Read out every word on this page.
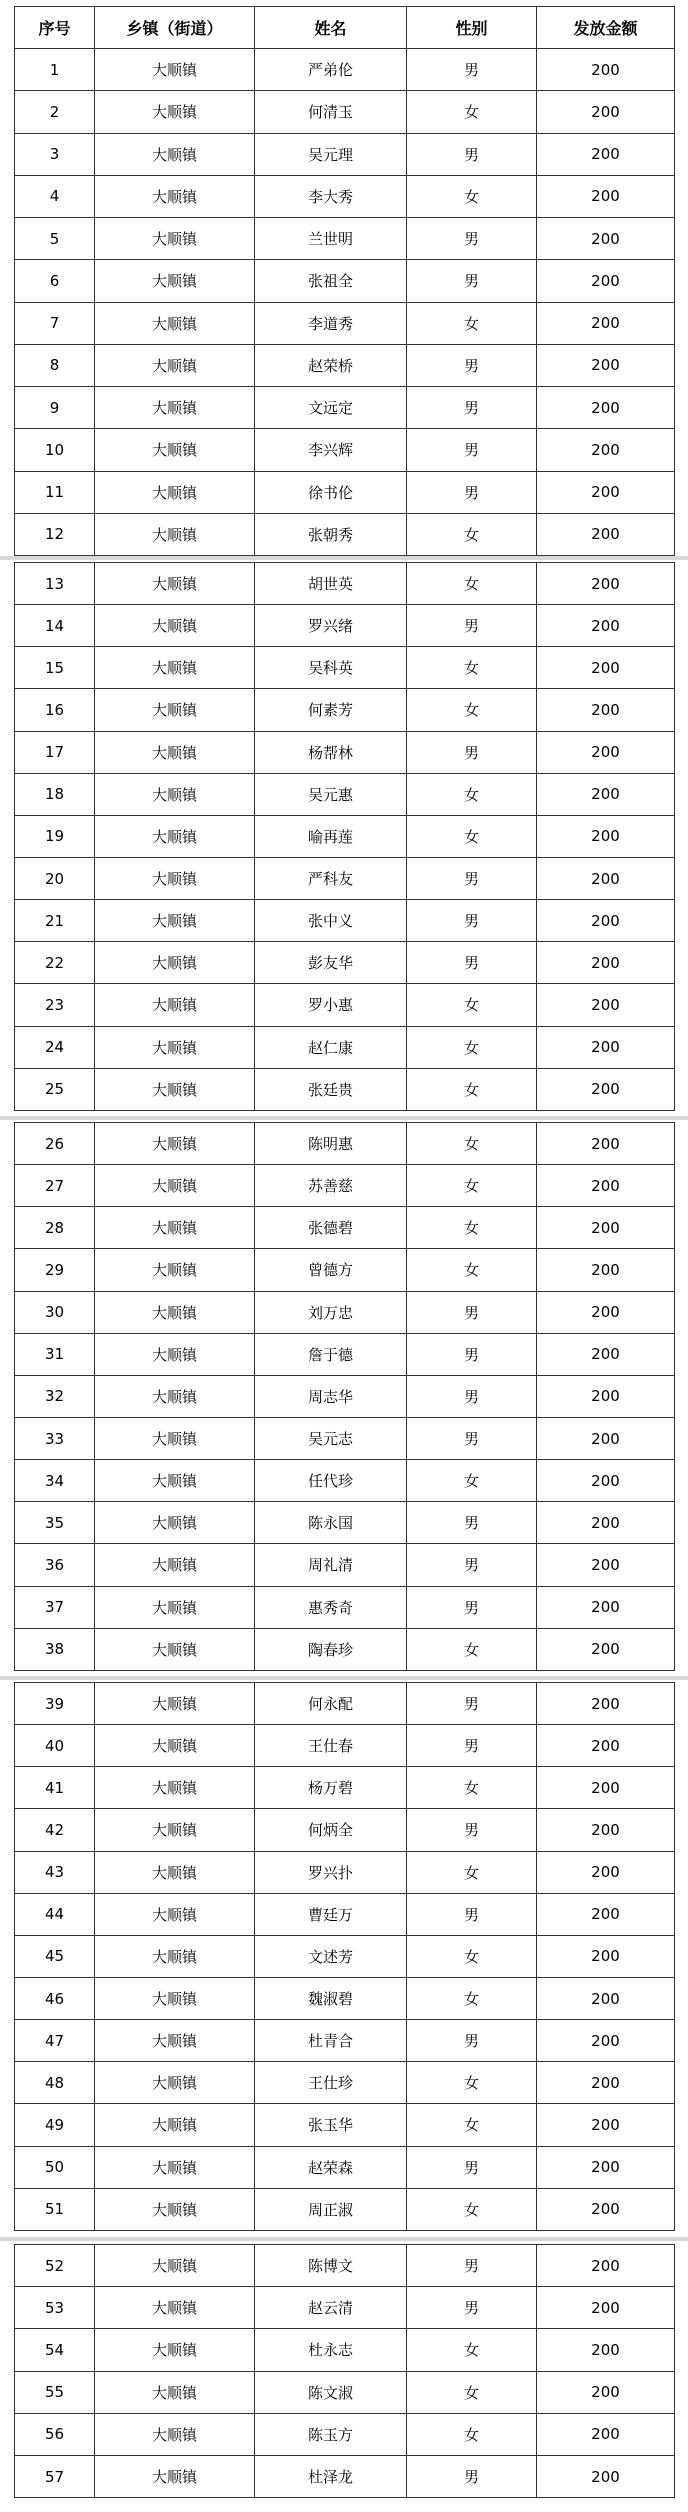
序号	乡镇（街道）	姓名	性别	发放金额
1	大顺镇	严弟伦	男	200
2	大顺镇	何清玉	女	200
3	大顺镇	吴元理	男	200
4	大顺镇	李大秀	女	200
5	大顺镇	兰世明	男	200
6	大顺镇	张祖全	男	200
7	大顺镇	李道秀	女	200
8	大顺镇	赵荣桥	男	200
9	大顺镇	文远定	男	200
10	大顺镇	李兴辉	男	200
11	大顺镇	徐书伦	男	200
12	大顺镇	张朝秀	女	200
13	大顺镇	胡世英	女	200
14	大顺镇	罗兴绪	男	200
15	大顺镇	吴科英	女	200
16	大顺镇	何素芳	女	200
17	大顺镇	杨帮林	男	200
18	大顺镇	吴元惠	女	200
19	大顺镇	喻再莲	女	200
20	大顺镇	严科友	男	200
21	大顺镇	张中义	男	200
22	大顺镇	彭友华	男	200
23	大顺镇	罗小惠	女	200
24	大顺镇	赵仁康	女	200
25	大顺镇	张廷贵	女	200
26	大顺镇	陈明惠	女	200
27	大顺镇	苏善慈	女	200
28	大顺镇	张德碧	女	200
29	大顺镇	曾德方	女	200
30	大顺镇	刘万忠	男	200
31	大顺镇	詹于德	男	200
32	大顺镇	周志华	男	200
33	大顺镇	吴元志	男	200
34	大顺镇	任代珍	女	200
35	大顺镇	陈永国	男	200
36	大顺镇	周礼清	男	200
37	大顺镇	惠秀奇	男	200
38	大顺镇	陶春珍	女	200
39	大顺镇	何永配	男	200
40	大顺镇	王仕春	男	200
41	大顺镇	杨万碧	女	200
42	大顺镇	何炳全	男	200
43	大顺镇	罗兴扑	女	200
44	大顺镇	曹廷万	男	200
45	大顺镇	文述芳	女	200
46	大顺镇	魏淑碧	女	200
47	大顺镇	杜青合	男	200
48	大顺镇	王仕珍	女	200
49	大顺镇	张玉华	女	200
50	大顺镇	赵荣森	男	200
51	大顺镇	周正淑	女	200
52	大顺镇	陈博文	男	200
53	大顺镇	赵云清	男	200
54	大顺镇	杜永志	女	200
55	大顺镇	陈文淑	女	200
56	大顺镇	陈玉方	女	200
57	大顺镇	杜泽龙	男	200
